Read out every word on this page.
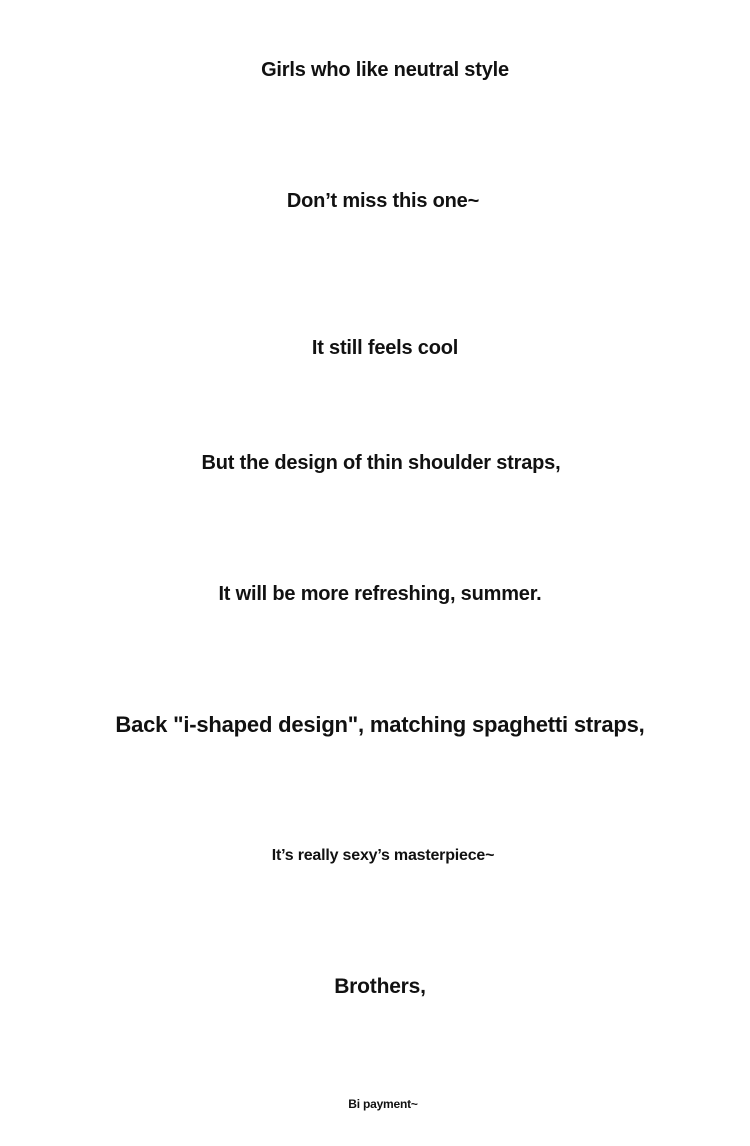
Girls who like neutral style
Don’t miss this one~
It still feels cool
But the design of thin shoulder straps,
It will be more refreshing, summer.
Back "i-shaped design", matching spaghetti straps,
It’s really sexy’s masterpiece~
Brothers,
Bi payment~
